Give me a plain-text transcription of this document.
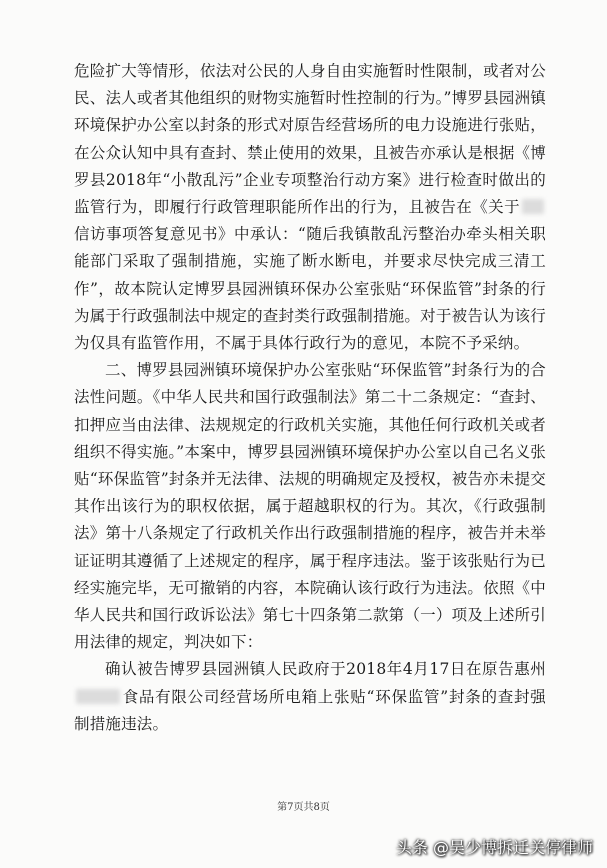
危险扩大等情形，依法对公民的人身自由实施暂时性限制，或者对公民、法人或者其他组织的财物实施暂时性控制的行为。”博罗县园洲镇环境保护办公室以封条的形式对原告经营场所的电力设施进行张贴，在公众认知中具有查封、禁止使用的效果，且被告亦承认是根据《博罗县2018年“小散乱污”企业专项整治行动方案》进行检查时做出的监管行为，即履行行政管理职能所作出的行为，且被告在《关于信访事项答复意见书》中承认：“随后我镇散乱污整治办牵头相关职能部门采取了强制措施，实施了断水断电，并要求尽快完成三清工作”，故本院认定博罗县园洲镇环保办公室张贴“环保监管”封条的行为属于行政强制法中规定的查封类行政强制措施。对于被告认为该行为仅具有监管作用，不属于具体行政行为的意见，本院不予采纳。

二、博罗县园洲镇环境保护办公室张贴“环保监管”封条行为的合法性问题。《中华人民共和国行政强制法》第二十二条规定：“查封、扣押应当由法律、法规规定的行政机关实施，其他任何行政机关或者组织不得实施。”本案中，博罗县园洲镇环境保护办公室以自己名义张贴“环保监管”封条并无法律、法规的明确规定及授权，被告亦未提交其作出该行为的职权依据，属于超越职权的行为。其次，《行政强制法》第十八条规定了行政机关作出行政强制措施的程序，被告并未举证证明其遵循了上述规定的程序，属于程序违法。鉴于该张贴行为已经实施完毕，无可撤销的内容，本院确认该行政行为违法。依照《中华人民共和国行政诉讼法》第七十四条第二款第（一）项及上述所引用法律的规定，判决如下：

确认被告博罗县园洲镇人民政府于2018年4月17日在原告惠州食品有限公司经营场所电箱上张贴“环保监管”封条的查封强制措施违法。

第7页共8页
头条 @吴少博拆迁关停律师
